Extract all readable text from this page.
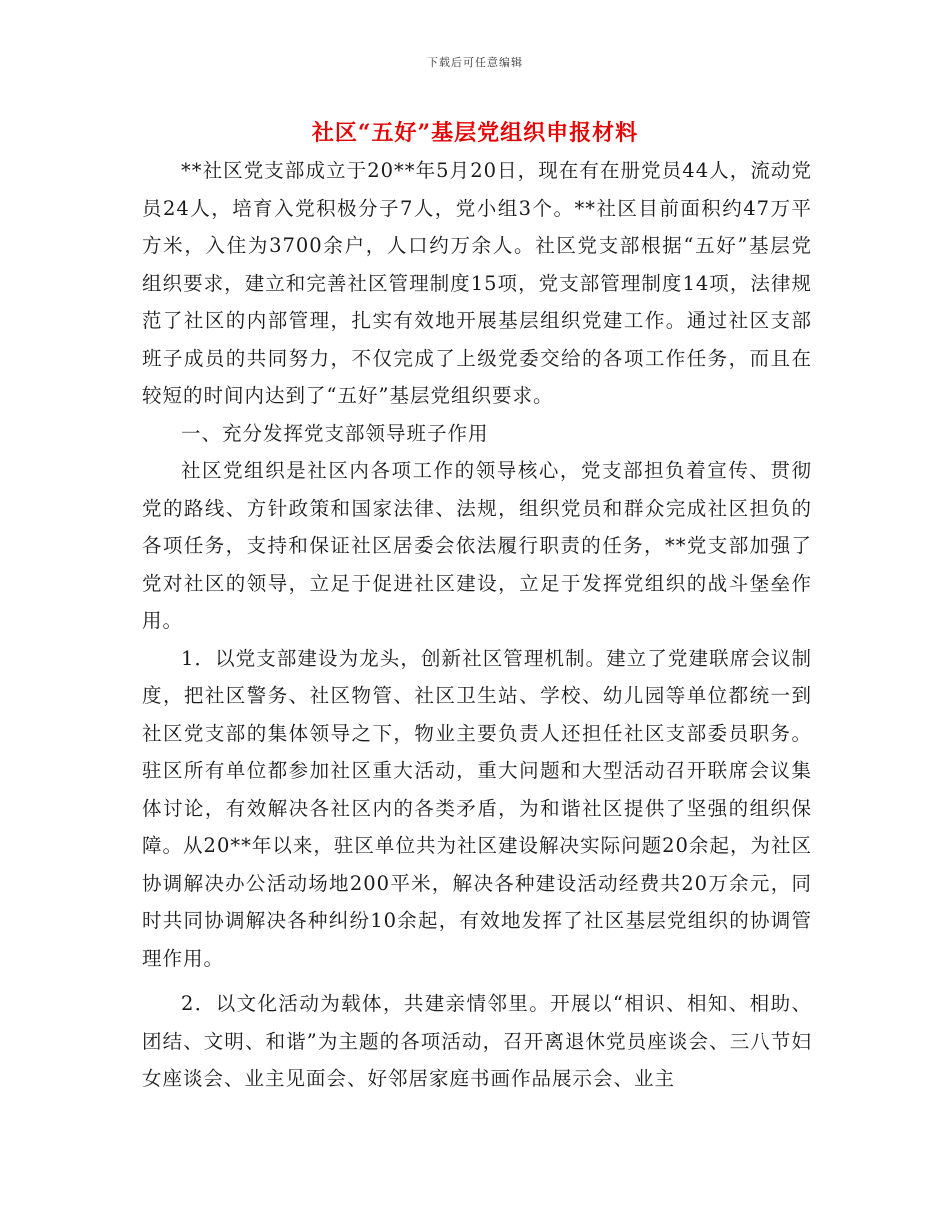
下载后可任意编辑
社区“五好”基层党组织申报材料

**社区党支部成立于20**年5月20日，现在有在册党员44人，流动党员24人，培育入党积极分子7人，党小组3个。**社区目前面积约47万平方米，入住为3700余户，人口约万余人。社区党支部根据“五好”基层党组织要求，建立和完善社区管理制度15项，党支部管理制度14项，法律规范了社区的内部管理，扎实有效地开展基层组织党建工作。通过社区支部班子成员的共同努力，不仅完成了上级党委交给的各项工作任务，而且在较短的时间内达到了“五好”基层党组织要求。

一、充分发挥党支部领导班子作用

社区党组织是社区内各项工作的领导核心，党支部担负着宣传、贯彻党的路线、方针政策和国家法律、法规，组织党员和群众完成社区担负的各项任务，支持和保证社区居委会依法履行职责的任务，**党支部加强了党对社区的领导，立足于促进社区建设，立足于发挥党组织的战斗堡垒作用。

1．以党支部建设为龙头，创新社区管理机制。建立了党建联席会议制度，把社区警务、社区物管、社区卫生站、学校、幼儿园等单位都统一到社区党支部的集体领导之下，物业主要负责人还担任社区支部委员职务。驻区所有单位都参加社区重大活动，重大问题和大型活动召开联席会议集体讨论，有效解决各社区内的各类矛盾，为和谐社区提供了坚强的组织保障。从20**年以来，驻区单位共为社区建设解决实际问题20余起，为社区协调解决办公活动场地200平米，解决各种建设活动经费共20万余元，同时共同协调解决各种纠纷10余起，有效地发挥了社区基层党组织的协调管理作用。

2．以文化活动为载体，共建亲情邻里。开展以“相识、相知、相助、团结、文明、和谐”为主题的各项活动，召开离退休党员座谈会、三八节妇女座谈会、业主见面会、好邻居家庭书画作品展示会、业主
